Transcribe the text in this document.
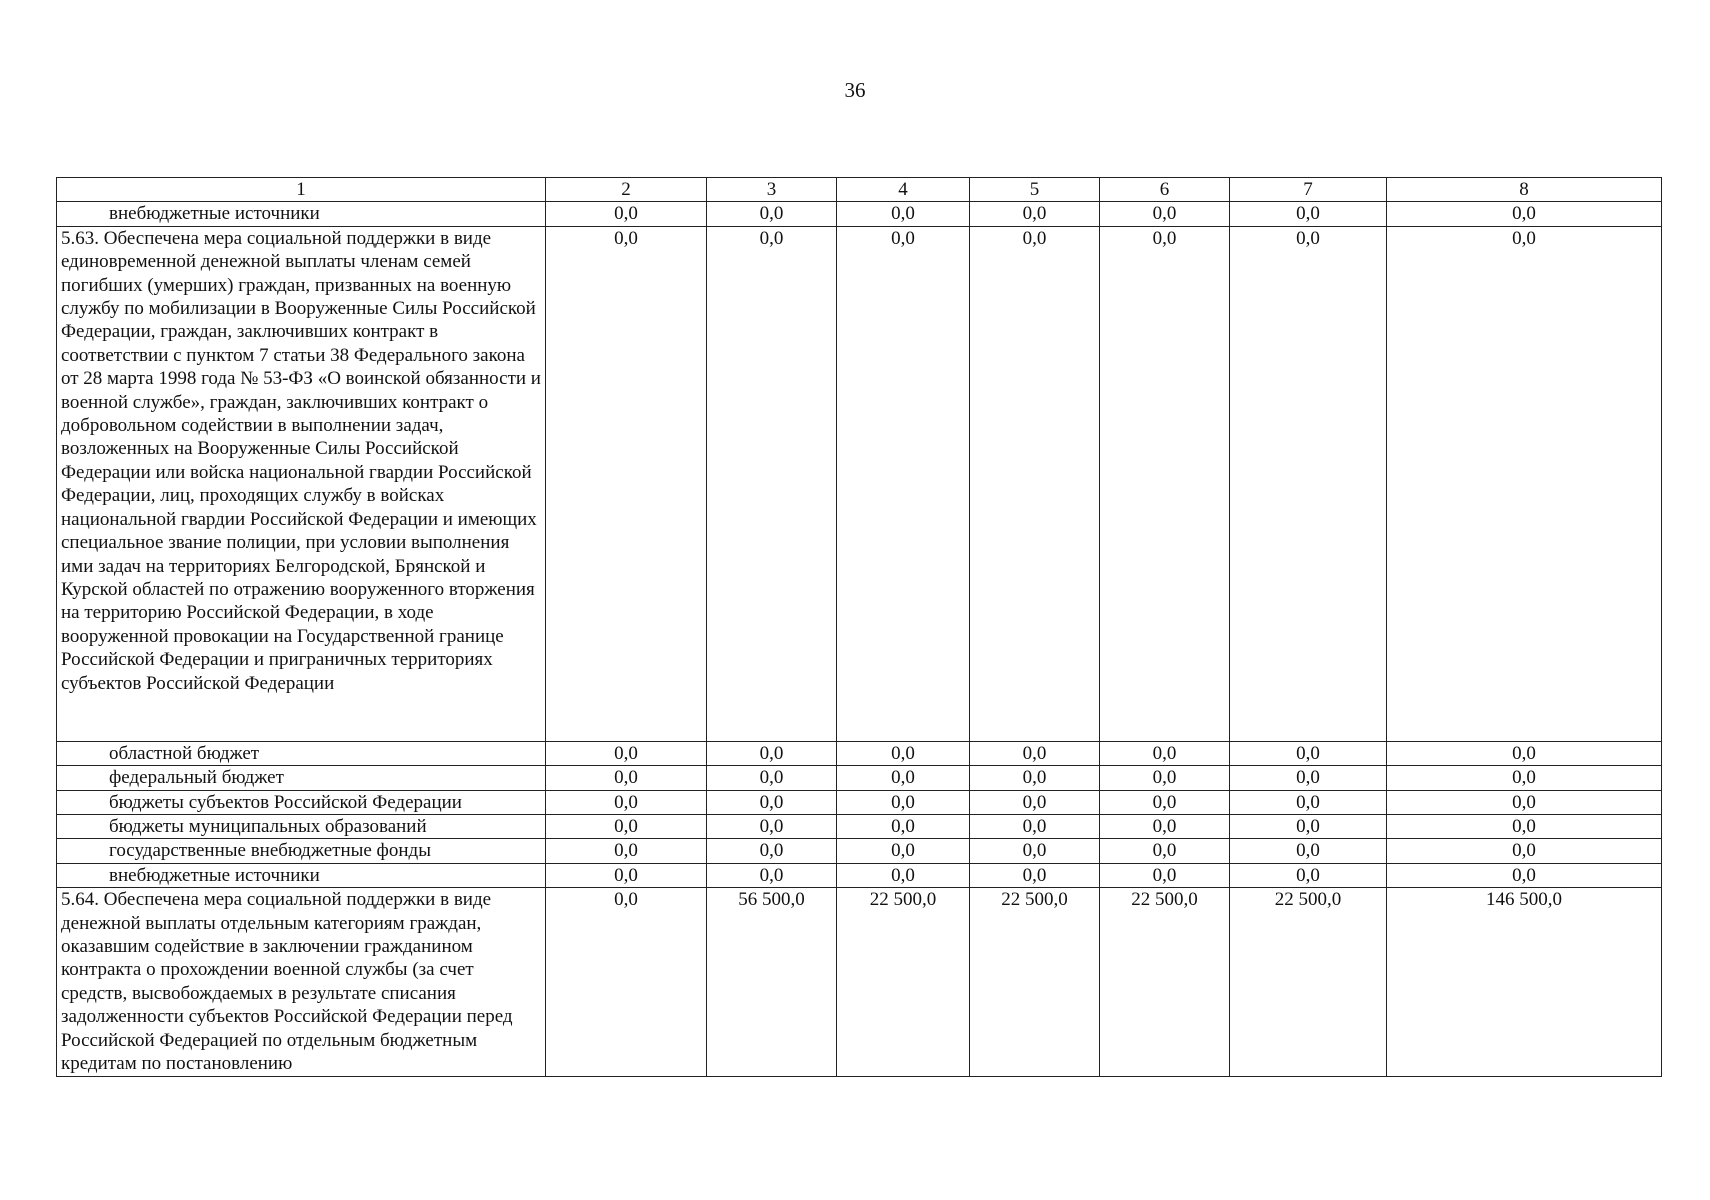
36
1	2	3	4	5	6	7	8
внебюджетные источники	0,0	0,0	0,0	0,0	0,0	0,0	0,0
5.63. Обеспечена мера социальной поддержки в виде единовременной денежной выплаты членам семей погибших (умерших) граждан, призванных на военную службу по мобилизации в Вооруженные Силы Российской Федерации, граждан, заключивших контракт в соответствии с пунктом 7 статьи 38 Федерального закона от 28 марта 1998 года № 53-ФЗ «О воинской обязанности и военной службе», граждан, заключивших контракт о добровольном содействии в выполнении задач, возложенных на Вооруженные Силы Российской Федерации или войска национальной гвардии Российской Федерации, лиц, проходящих службу в войсках национальной гвардии Российской Федерации и имеющих специальное звание полиции, при условии выполнения ими задач на территориях Белгородской, Брянской и Курской областей по отражению вооруженного вторжения на территорию Российской Федерации, в ходе вооруженной провокации на Государственной границе Российской Федерации и приграничных территориях субъектов Российской Федерации	0,0	0,0	0,0	0,0	0,0	0,0	0,0
областной бюджет	0,0	0,0	0,0	0,0	0,0	0,0	0,0
федеральный бюджет	0,0	0,0	0,0	0,0	0,0	0,0	0,0
бюджеты субъектов Российской Федерации	0,0	0,0	0,0	0,0	0,0	0,0	0,0
бюджеты муниципальных образований	0,0	0,0	0,0	0,0	0,0	0,0	0,0
государственные внебюджетные фонды	0,0	0,0	0,0	0,0	0,0	0,0	0,0
внебюджетные источники	0,0	0,0	0,0	0,0	0,0	0,0	0,0
5.64. Обеспечена мера социальной поддержки в виде денежной выплаты отдельным категориям граждан, оказавшим содействие в заключении гражданином контракта о прохождении военной службы (за счет средств, высвобождаемых в результате списания задолженности субъектов Российской Федерации перед Российской Федерацией по отдельным бюджетным кредитам по постановлению	0,0	56 500,0	22 500,0	22 500,0	22 500,0	22 500,0	146 500,0
